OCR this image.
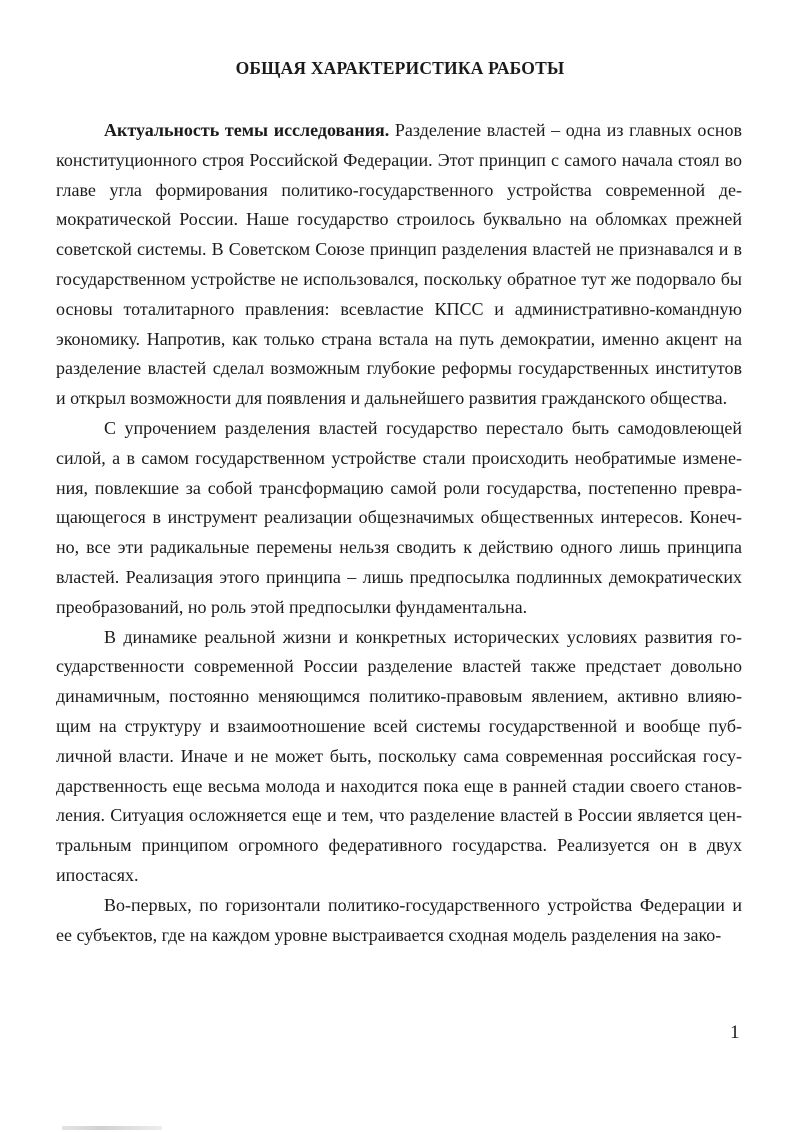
ОБЩАЯ ХАРАКТЕРИСТИКА РАБОТЫ

Актуальность темы исследования. Разделение властей – одна из главных основ конституционного строя Российской Федерации. Этот принцип с самого начала стоял во главе угла формирования политико-государственного устройства современной демократической России. Наше государство строилось буквально на обломках прежней советской системы. В Советском Союзе принцип разделения властей не признавался и в государственном устройстве не использовался, поскольку обратное тут же подорвало бы основы тоталитарного правления: всевластие КПСС и административно-командную экономику. Напротив, как только страна встала на путь демократии, именно акцент на разделение властей сделал возможным глубокие реформы государственных институтов и открыл возможности для появления и дальнейшего развития гражданского общества.

С упрочением разделения властей государство перестало быть самодовлеющей силой, а в самом государственном устройстве стали происходить необратимые изменения, повлекшие за собой трансформацию самой роли государства, постепенно превращающегося в инструмент реализации общезначимых общественных интересов. Конечно, все эти радикальные перемены нельзя сводить к действию одного лишь принципа властей. Реализация этого принципа – лишь предпосылка подлинных демократических преобразований, но роль этой предпосылки фундаментальна.

В динамике реальной жизни и конкретных исторических условиях развития государственности современной России разделение властей также предстает довольно динамичным, постоянно меняющимся политико-правовым явлением, активно влияющим на структуру и взаимоотношение всей системы государственной и вообще публичной власти. Иначе и не может быть, поскольку сама современная российская государственность еще весьма молода и находится пока еще в ранней стадии своего становления. Ситуация осложняется еще и тем, что разделение властей в России является центральным принципом огромного федеративного государства. Реализуется он в двух ипостасях.

Во-первых, по горизонтали политико-государственного устройства Федерации и ее субъектов, где на каждом уровне выстраивается сходная модель разделения на зако-

1
